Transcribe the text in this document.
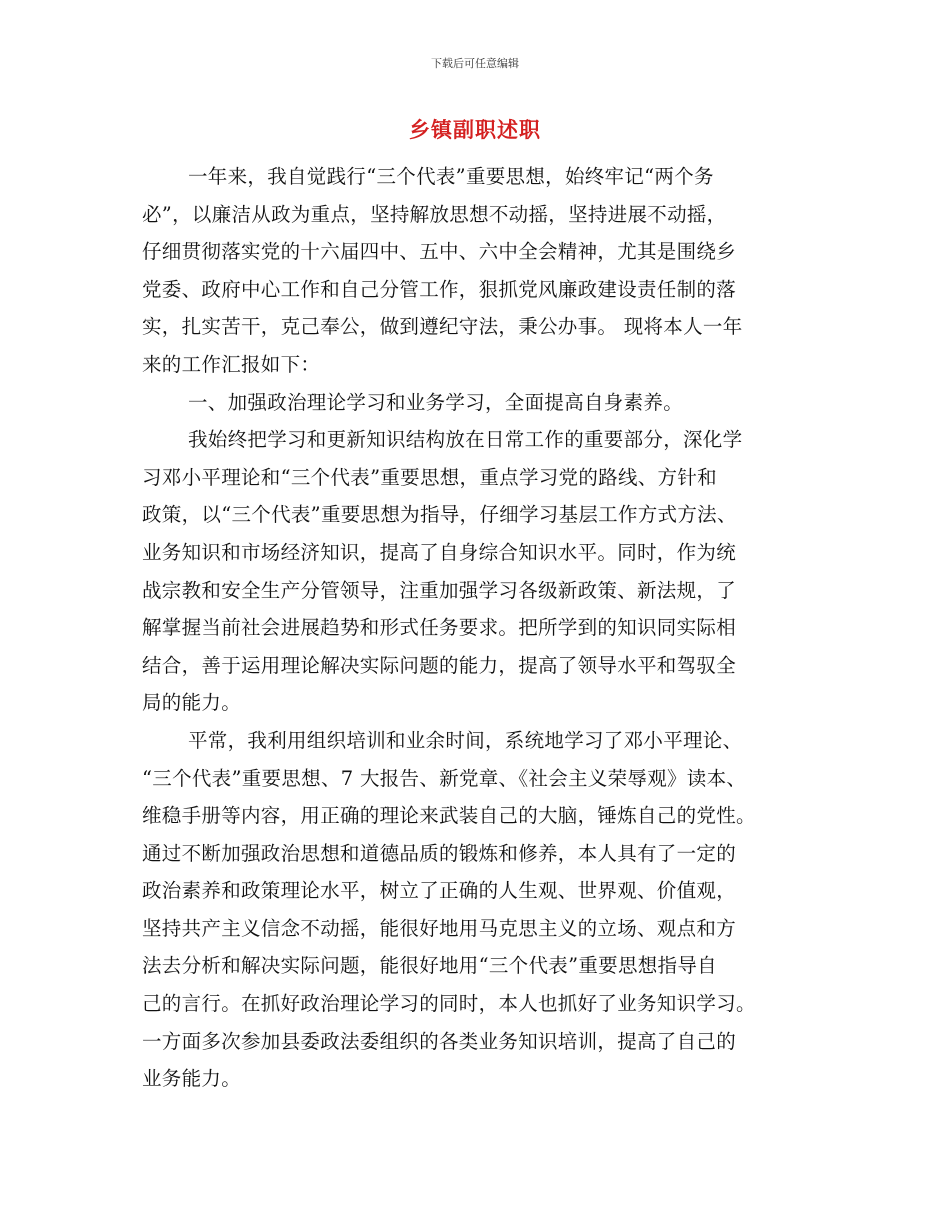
下载后可任意编辑
乡镇副职述职
一年来，我自觉践行“三个代表”重要思想，始终牢记“两个务
必”，以廉洁从政为重点，坚持解放思想不动摇，坚持进展不动摇，
仔细贯彻落实党的十六届四中、五中、六中全会精神，尤其是围绕乡
党委、政府中心工作和自己分管工作，狠抓党风廉政建设责任制的落
实，扎实苦干，克己奉公，做到遵纪守法，秉公办事。 现将本人一年
来的工作汇报如下：
一、加强政治理论学习和业务学习，全面提高自身素养。
我始终把学习和更新知识结构放在日常工作的重要部分，深化学
习邓小平理论和“三个代表”重要思想，重点学习党的路线、方针和
政策，以“三个代表”重要思想为指导，仔细学习基层工作方式方法、
业务知识和市场经济知识，提高了自身综合知识水平。同时，作为统
战宗教和安全生产分管领导，注重加强学习各级新政策、新法规，了
解掌握当前社会进展趋势和形式任务要求。把所学到的知识同实际相
结合，善于运用理论解决实际问题的能力，提高了领导水平和驾驭全
局的能力。
平常，我利用组织培训和业余时间，系统地学习了邓小平理论、
“三个代表”重要思想、7 大报告、新党章、《社会主义荣辱观》读本、
维稳手册等内容，用正确的理论来武装自己的大脑，锤炼自己的党性。
通过不断加强政治思想和道德品质的锻炼和修养，本人具有了一定的
政治素养和政策理论水平，树立了正确的人生观、世界观、价值观，
坚持共产主义信念不动摇，能很好地用马克思主义的立场、观点和方
法去分析和解决实际问题，能很好地用“三个代表”重要思想指导自
己的言行。在抓好政治理论学习的同时，本人也抓好了业务知识学习。
一方面多次参加县委政法委组织的各类业务知识培训，提高了自己的
业务能力。
